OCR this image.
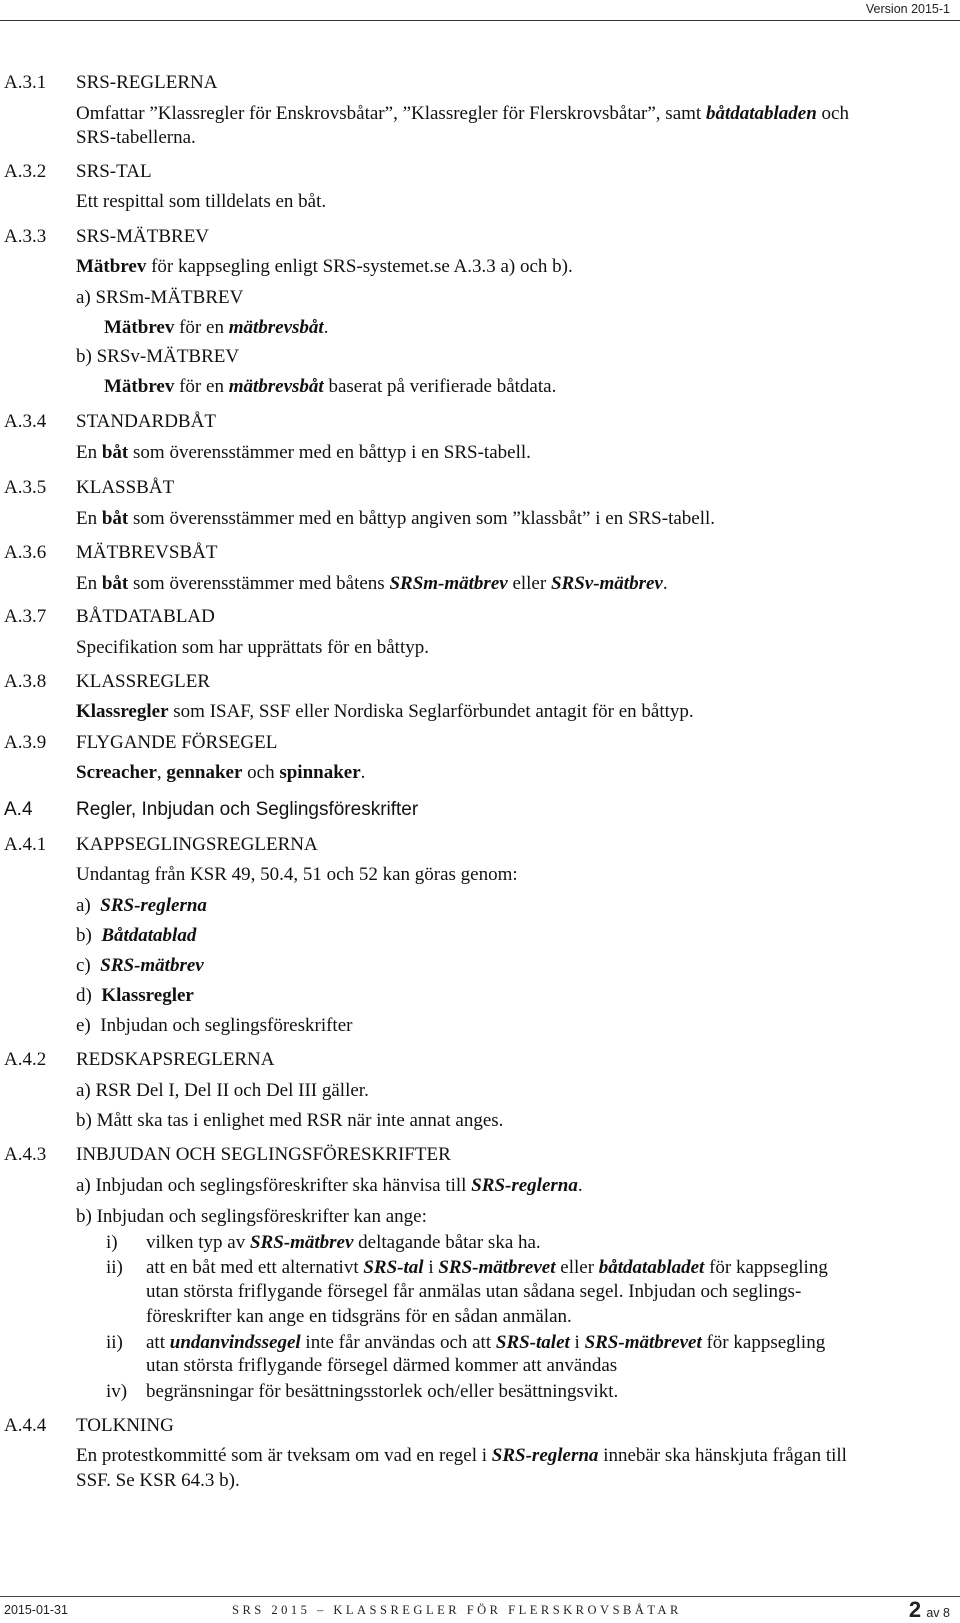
Version 2015-1
A.3.1 SRS-REGLERNA
Omfattar ”Klassregler för Enskrovsbåtar”, ”Klassregler för Flerskrovsbåtar”, samt båtdatabladen och
SRS-tabellerna.
A.3.2 SRS-TAL
Ett respittal som tilldelats en båt.
A.3.3 SRS-MÄTBREV
Mätbrev för kappsegling enligt SRS-systemet.se A.3.3 a) och b).
a) SRSm-MÄTBREV
Mätbrev för en mätbrevsbåt.
b) SRSv-MÄTBREV
Mätbrev för en mätbrevsbåt baserat på verifierade båtdata.
A.3.4 STANDARDBÅT
En båt som överensstämmer med en båttyp i en SRS-tabell.
A.3.5 KLASSBÅT
En båt som överensstämmer med en båttyp angiven som ”klassbåt” i en SRS-tabell.
A.3.6 MÄTBREVSBÅT
En båt som överensstämmer med båtens SRSm-mätbrev eller SRSv-mätbrev.
A.3.7 BÅTDATABLAD
Specifikation som har upprättats för en båttyp.
A.3.8 KLASSREGLER
Klassregler som ISAF, SSF eller Nordiska Seglarförbundet antagit för en båttyp.
A.3.9 FLYGANDE FÖRSEGEL
Screacher, gennaker och spinnaker.
A.4 Regler, Inbjudan och Seglingsföreskrifter
A.4.1 KAPPSEGLINGSREGLERNA
Undantag från KSR 49, 50.4, 51 och 52 kan göras genom:
a) SRS-reglerna
b) Båtdatablad
c) SRS-mätbrev
d) Klassregler
e) Inbjudan och seglingsföreskrifter
A.4.2 REDSKAPSREGLERNA
a) RSR Del I, Del II och Del III gäller.
b) Mått ska tas i enlighet med RSR när inte annat anges.
A.4.3 INBJUDAN OCH SEGLINGSFÖRESKRIFTER
a) Inbjudan och seglingsföreskrifter ska hänvisa till SRS-reglerna.
b) Inbjudan och seglingsföreskrifter kan ange:
i) vilken typ av SRS-mätbrev deltagande båtar ska ha.
ii) att en båt med ett alternativt SRS-tal i SRS-mätbrevet eller båtdatabladet för kappsegling
utan största friflygande försegel får anmälas utan sådana segel. Inbjudan och seglings-
föreskrifter kan ange en tidsgräns för en sådan anmälan.
ii) att undanvindssegel inte får användas och att SRS-talet i SRS-mätbrevet för kappsegling
utan största friflygande försegel därmed kommer att användas
iv) begränsningar för besättningsstorlek och/eller besättningsvikt.
A.4.4 TOLKNING
En protestkommitté som är tveksam om vad en regel i SRS-reglerna innebär ska hänskjuta frågan till
SSF. Se KSR 64.3 b).
2015-01-31	SRS 2015 – KLASSREGLER FÖR FLERSKROVSBÅTAR	2 av 8
